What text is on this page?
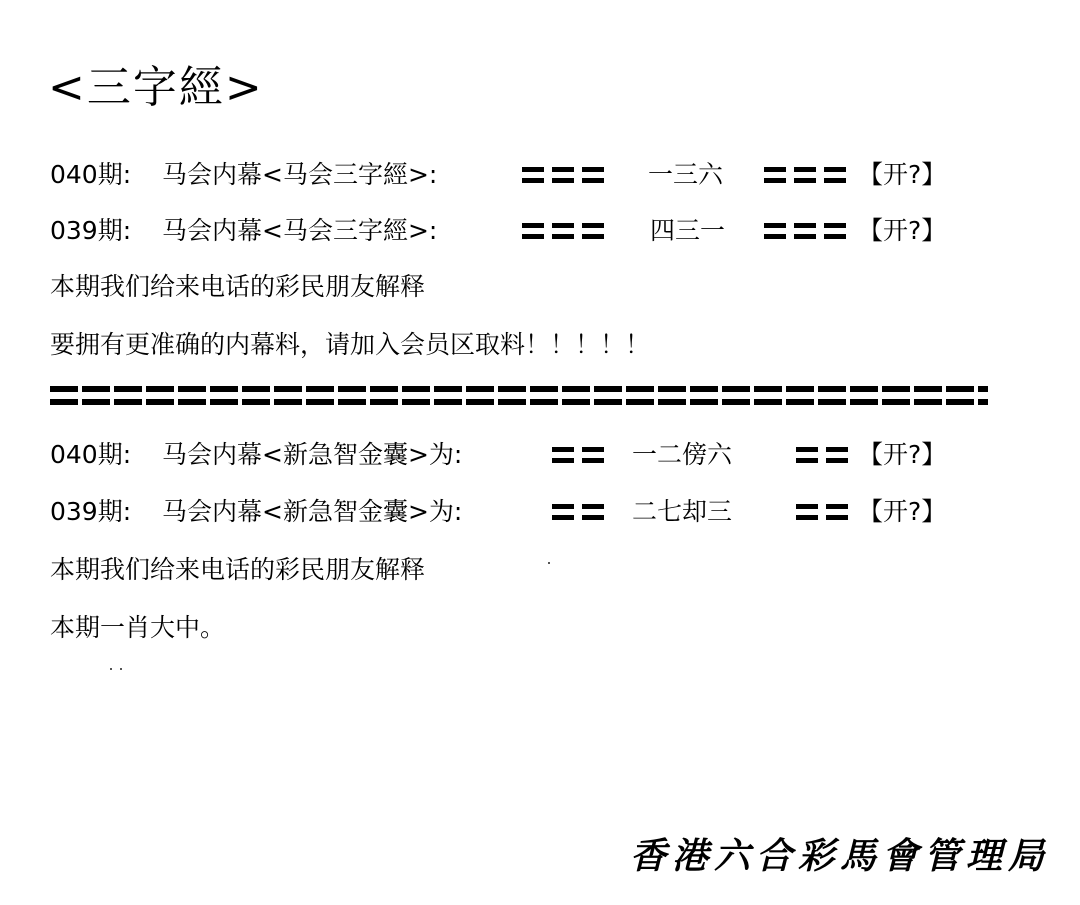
<三字經>
040期: 马会内幕<马会三字經>:	一三六	【开?】
039期: 马会内幕<马会三字經>:	四三一	【开?】
本期我们给来电话的彩民朋友解释
要拥有更准确的内幕料，请加入会员区取料！！！！！
040期: 马会内幕<新急智金囊>为:	一二傍六	【开?】
039期: 马会内幕<新急智金囊>为:	二七却三	【开?】
本期我们给来电话的彩民朋友解释
本期一肖大中。
香港六合彩馬會管理局
